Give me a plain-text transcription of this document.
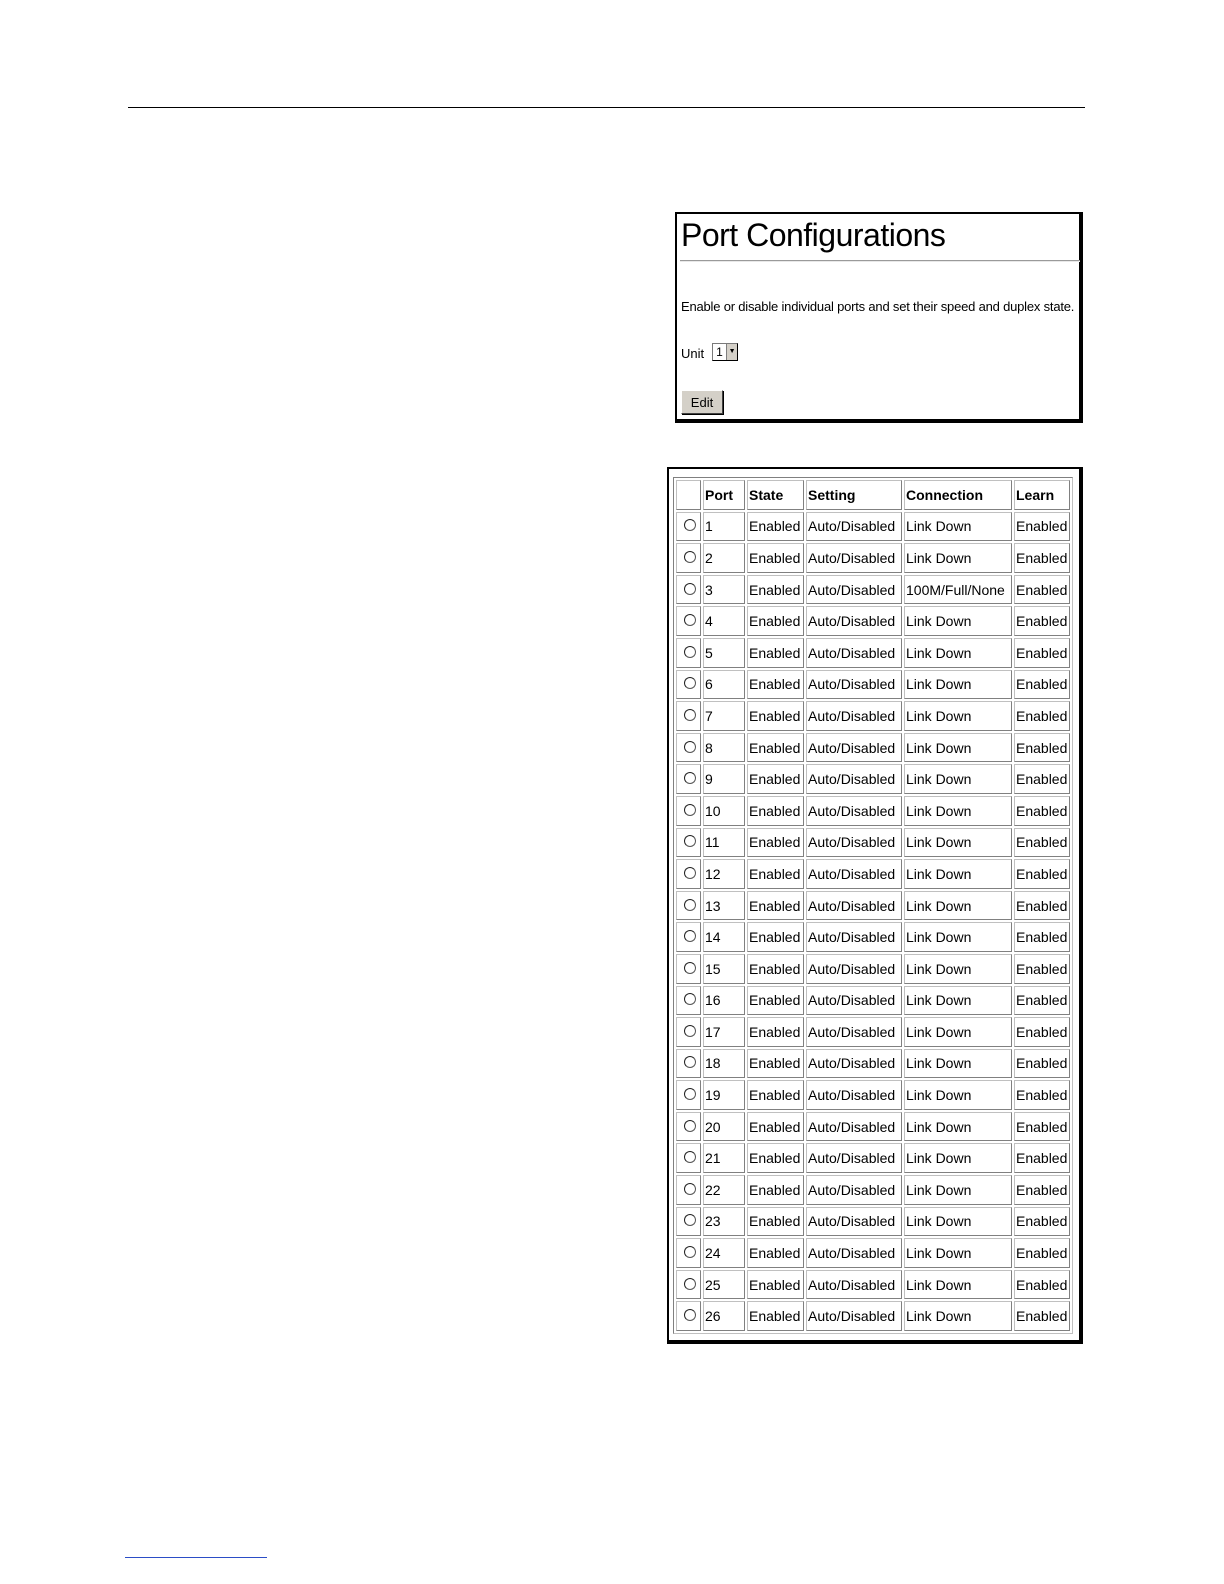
Port Configurations
Enable or disable individual ports and set their speed and duplex state.
Unit 1 ▼
Edit
	Port	State	Setting	Connection	Learn
	1	Enabled	Auto/Disabled	Link Down	Enabled
	2	Enabled	Auto/Disabled	Link Down	Enabled
	3	Enabled	Auto/Disabled	100M/Full/None	Enabled
	4	Enabled	Auto/Disabled	Link Down	Enabled
	5	Enabled	Auto/Disabled	Link Down	Enabled
	6	Enabled	Auto/Disabled	Link Down	Enabled
	7	Enabled	Auto/Disabled	Link Down	Enabled
	8	Enabled	Auto/Disabled	Link Down	Enabled
	9	Enabled	Auto/Disabled	Link Down	Enabled
	10	Enabled	Auto/Disabled	Link Down	Enabled
	11	Enabled	Auto/Disabled	Link Down	Enabled
	12	Enabled	Auto/Disabled	Link Down	Enabled
	13	Enabled	Auto/Disabled	Link Down	Enabled
	14	Enabled	Auto/Disabled	Link Down	Enabled
	15	Enabled	Auto/Disabled	Link Down	Enabled
	16	Enabled	Auto/Disabled	Link Down	Enabled
	17	Enabled	Auto/Disabled	Link Down	Enabled
	18	Enabled	Auto/Disabled	Link Down	Enabled
	19	Enabled	Auto/Disabled	Link Down	Enabled
	20	Enabled	Auto/Disabled	Link Down	Enabled
	21	Enabled	Auto/Disabled	Link Down	Enabled
	22	Enabled	Auto/Disabled	Link Down	Enabled
	23	Enabled	Auto/Disabled	Link Down	Enabled
	24	Enabled	Auto/Disabled	Link Down	Enabled
	25	Enabled	Auto/Disabled	Link Down	Enabled
	26	Enabled	Auto/Disabled	Link Down	Enabled
